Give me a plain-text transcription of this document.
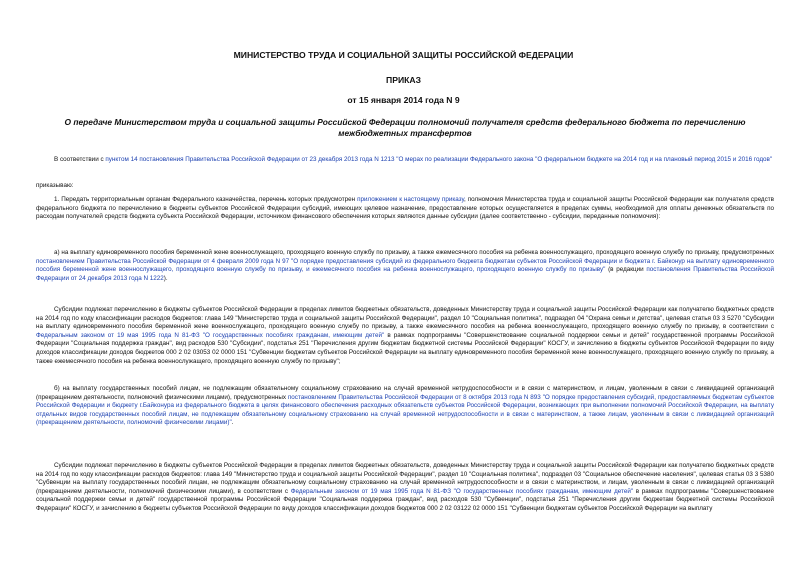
МИНИСТЕРСТВО ТРУДА И СОЦИАЛЬНОЙ ЗАЩИТЫ РОССИЙСКОЙ ФЕДЕРАЦИИ
ПРИКАЗ
от 15 января 2014 года N 9
О передаче Министерством труда и социальной защиты Российской Федерации полномочий получателя средств федерального бюджета по перечислению межбюджетных трансфертов

В соответствии с пунктом 14 постановления Правительства Российской Федерации от 23 декабря 2013 года N 1213 "О мерах по реализации Федерального закона "О федеральном бюджете на 2014 год и на плановый период 2015 и 2016 годов"

приказываю:

1. Передать территориальным органам Федерального казначейства, перечень которых предусмотрен приложением к настоящему приказу, полномочия Министерства труда и социальной защиты Российской Федерации как получателя средств федерального бюджета по перечислению в бюджеты субъектов Российской Федерации субсидий, имеющих целевое назначение, предоставление которых осуществляется в пределах суммы, необходимой для оплаты денежных обязательств по расходам получателей средств бюджета субъекта Российской Федерации, источником финансового обеспечения которых являются данные субсидии (далее соответственно - субсидии, переданные полномочия):

а) на выплату единовременного пособия беременной жене военнослужащего, проходящего военную службу по призыву, а также ежемесячного пособия на ребенка военнослужащего, проходящего военную службу по призыву, предусмотренных постановлением Правительства Российской Федерации от 4 февраля 2009 года N 97 "О порядке предоставления субсидий из федерального бюджета бюджетам субъектов Российской Федерации и бюджета г. Байконур на выплату единовременного пособия беременной жене военнослужащего, проходящего военную службу по призыву, и ежемесячного пособия на ребенка военнослужащего, проходящего военную службу по призыву" (в редакции постановления Правительства Российской Федерации от 24 декабря 2013 года N 1222).

Субсидии подлежат перечислению в бюджеты субъектов Российской Федерации в пределах лимитов бюджетных обязательств, доведенных Министерству труда и социальной защиты Российской Федерации как получателю бюджетных средств на 2014 год по коду классификации расходов бюджетов: глава 149 "Министерство труда и социальной защиты Российской Федерации", раздел 10 "Социальная политика", подраздел 04 "Охрана семьи и детства", целевая статья 03 3 5270 "Субсидии на выплату единовременного пособия беременной жене военнослужащего, проходящего военную службу по призыву, а также ежемесячного пособия на ребенка военнослужащего, проходящего военную службу по призыву, в соответствии с Федеральным законом от 19 мая 1995 года N 81-ФЗ "О государственных пособиях гражданам, имеющим детей" в рамках подпрограммы "Совершенствование социальной поддержки семьи и детей" государственной программы Российской Федерации "Социальная поддержка граждан", вид расходов 530 "Субсидии", подстатья 251 "Перечисления другим бюджетам бюджетной системы Российской Федерации" КОСГУ, и зачислению в бюджеты субъектов Российской Федерации по виду доходов классификации доходов бюджетов 000 2 02 03053 02 0000 151 "Субвенции бюджетам субъектов Российской Федерации на выплату единовременного пособия беременной жене военнослужащего, проходящего военную службу по призыву, а также ежемесячного пособия на ребенка военнослужащего, проходящего военную службу по призыву";

б) на выплату государственных пособий лицам, не подлежащим обязательному социальному страхованию на случай временной нетрудоспособности и в связи с материнством, и лицам, уволенным в связи с ликвидацией организаций (прекращением деятельности, полномочий физическими лицами), предусмотренных постановлением Правительства Российской Федерации от 8 октября 2013 года N 893 "О порядке предоставления субсидий, предоставляемых бюджетам субъектов Российской Федерации и бюджету г.Байконура из федерального бюджета в целях финансового обеспечения расходных обязательств субъектов Российской Федерации, возникающих при выполнении полномочий Российской Федерации, на выплату отдельных видов государственных пособий лицам, не подлежащим обязательному социальному страхованию на случай временной нетрудоспособности и в связи с материнством, а также лицам, уволенным в связи с ликвидацией организаций (прекращением деятельности, полномочий физическими лицами)".

Субсидии подлежат перечислению в бюджеты субъектов Российской Федерации в пределах лимитов бюджетных обязательств, доведенных Министерству труда и социальной защиты Российской Федерации как получателю бюджетных средств на 2014 год по коду классификации расходов бюджетов: глава 149 "Министерство труда и социальной защиты Российской Федерации", раздел 10 "Социальная политика", подраздел 03 "Социальное обеспечение населения", целевая статья 03 3 5380 "Субвенции на выплату государственных пособий лицам, не подлежащим обязательному социальному страхованию на случай временной нетрудоспособности и в связи с материнством, и лицам, уволенным в связи с ликвидацией организаций (прекращением деятельности, полномочий физическими лицами), в соответствии с Федеральным законом от 19 мая 1995 года N 81-ФЗ "О государственных пособиях гражданам, имеющим детей" в рамках подпрограммы "Совершенствование социальной поддержки семьи и детей" государственной программы Российской Федерации "Социальная поддержка граждан", вид расходов 530 "Субвенции", подстатья 251 "Перечисления другим бюджетам бюджетной системы Российской Федерации" КОСГУ, и зачислению в бюджеты субъектов Российской Федерации по виду доходов классификации доходов бюджетов 000 2 02 03122 02 0000 151 "Субвенции бюджетам субъектов Российской Федерации на выплату
